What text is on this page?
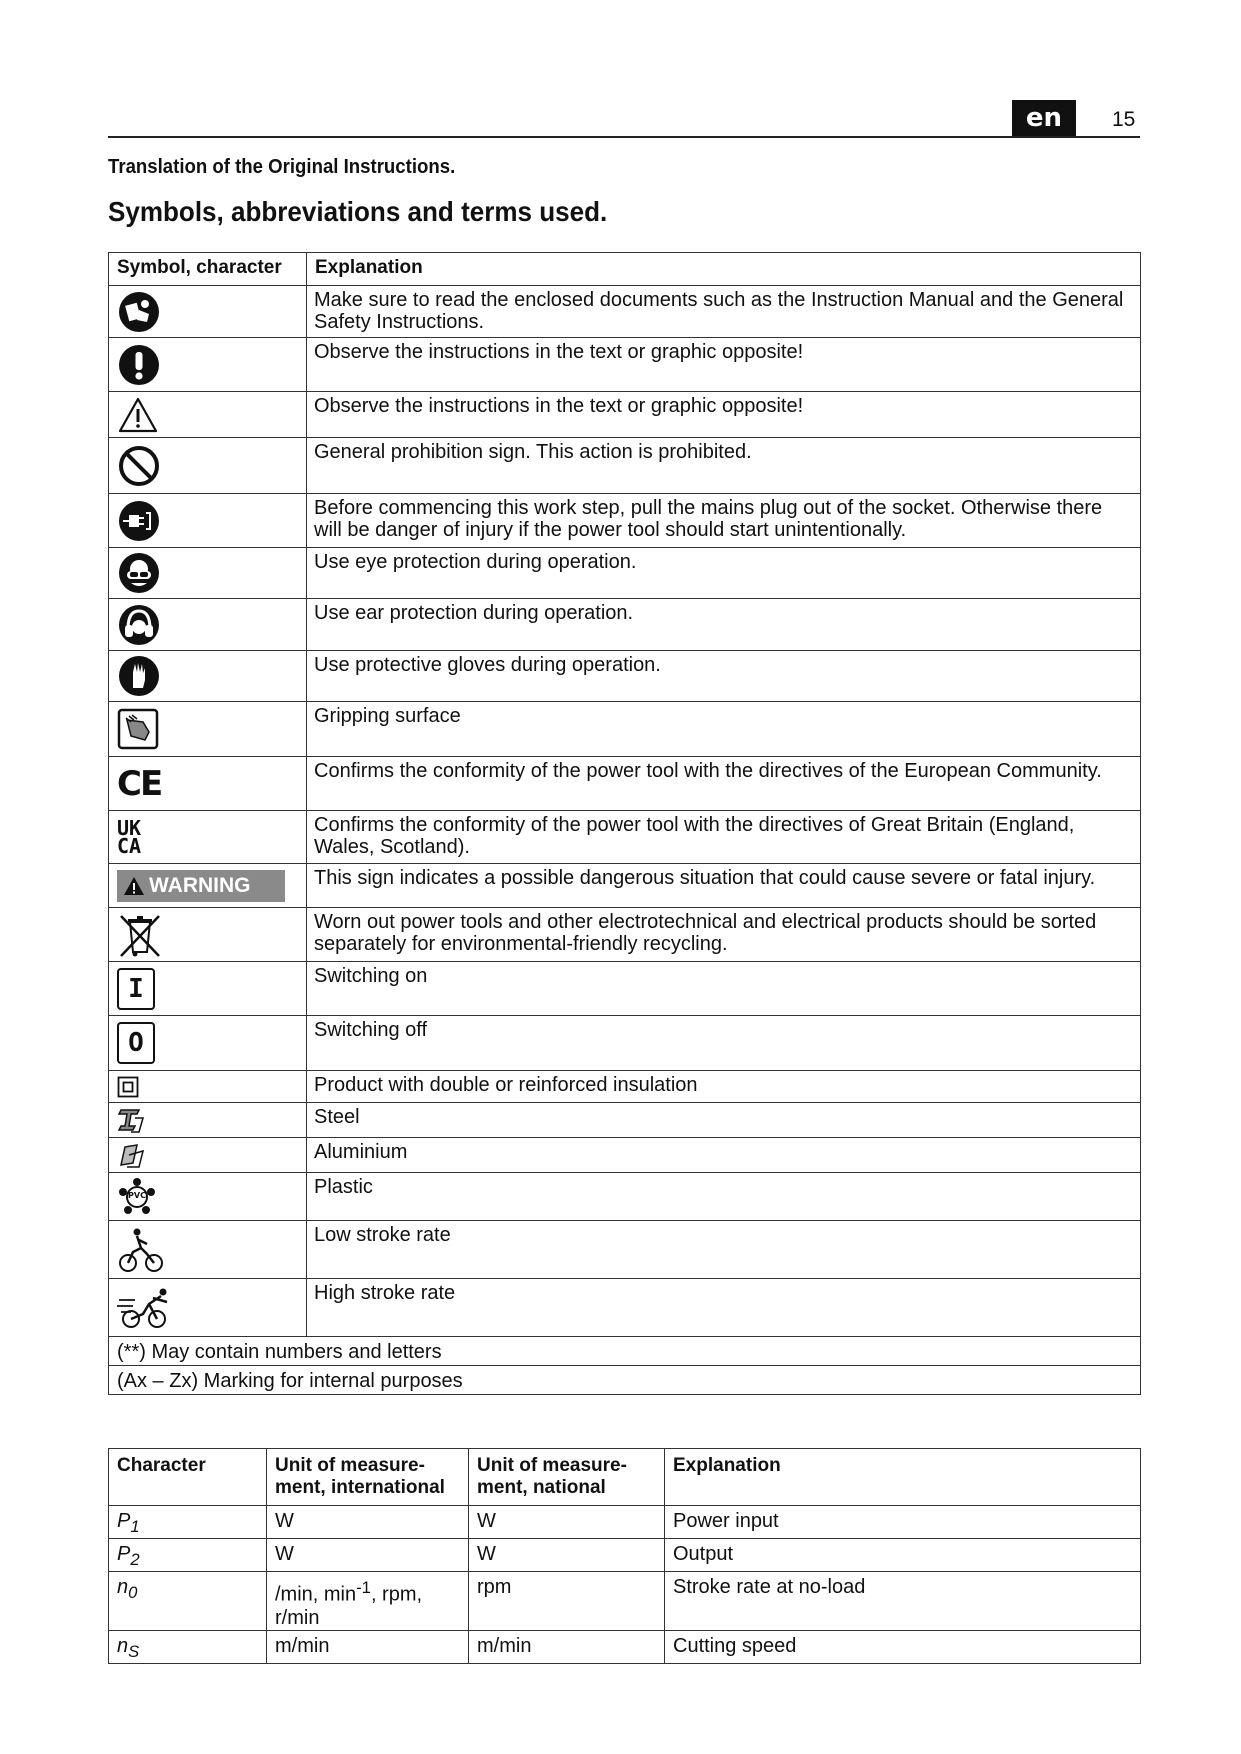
en	15
Translation of the Original Instructions.
Symbols, abbreviations and terms used.
Symbol, character	Explanation

	Make sure to read the enclosed documents such as the Instruction Manual and the General Safety Instructions.

	Observe the instructions in the text or graphic opposite!

	Observe the instructions in the text or graphic opposite!

	General prohibition sign. This action is prohibited.

	Before commencing this work step, pull the mains plug out of the socket. Otherwise there will be danger of injury if the power tool should start unintentionally.

	Use eye protection during operation.

	Use ear protection during operation.

	Use protective gloves during operation.

	Gripping surface

CE	Confirms the conformity of the power tool with the directives of the European Community.

UK
CA	Confirms the conformity of the power tool with the directives of Great Britain (England, Wales, Scotland).

WARNING	This sign indicates a possible dangerous situation that could cause severe or fatal injury.

	Worn out power tools and other electrotechnical and electrical products should be sorted separately for environmental-friendly recycling.

I	Switching on

O	Switching off

	Product with double or reinforced insulation

	Steel

	Aluminium

PVC	Plastic

	Low stroke rate

	High stroke rate
(**) May contain numbers and letters	
(Ax – Zx) Marking for internal purposes	
Character	Unit of measure- ment, international	Unit of measure- ment, national	Explanation
$P_1$	W	W	Power input
$P_2$	W	W	Output
$n_0$	/min, $\min^{-1}$, rpm, r/min	rpm	Stroke rate at no-load
$n_S$	m/min	m/min	Cutting speed
